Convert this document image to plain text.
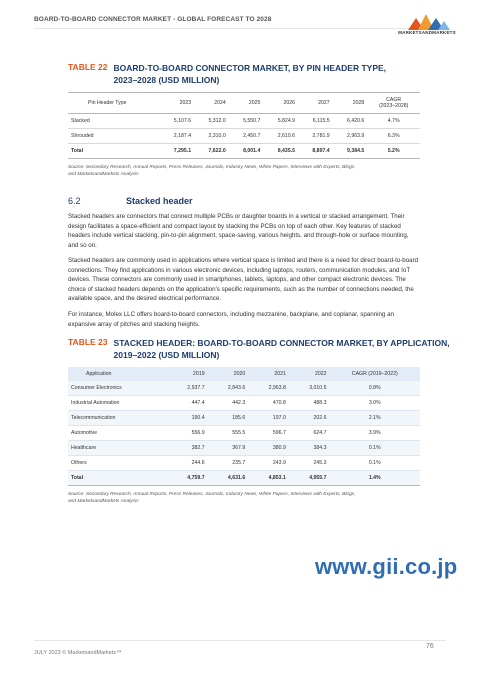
BOARD-TO-BOARD CONNECTOR MARKET - GLOBAL FORECAST TO 2028
MARKETSANDMARKETS
TABLE 22 BOARD-TO-BOARD CONNECTOR MARKET, BY PIN HEADER TYPE,
2023–2028 (USD MILLION)
Pin Header Type	2023	2024	2025	2026	2027	2028	CAGR
(2023–2028)

Stacked	5,107.6	5,312.0	5,550.7	5,824.9	6,115.5	6,420.6	4.7%
Shrouded	2,187.4	2,310.0	2,450.7	2,610.6	2,781.9	2,963.9	6.3%
Total	7,295.1	7,622.0	8,001.4	8,435.5	8,897.4	9,384.5	5.2%
Source: Secondary Research, Annual Reports, Press Releases, Journals, Industry News, White Papers, Interviews with Experts, Blogs,
and MarketsandMarkets Analysis
6.2	Stacked header
Stacked headers are connectors that connect multiple PCBs or daughter boards in a vertical or stacked arrangement. Their design facilitates a space-efficient and compact layout by stacking the PCBs on top of each other. Key features of stacked headers include vertical stacking, pin-to-pin alignment, space-saving, various heights, and through-hole or surface mounting, and so on.
Stacked headers are commonly used in applications where vertical space is limited and there is a need for direct board-to-board connections. They find applications in various electronic devices, including laptops, routers, communication modules, and IoT devices. These connectors are commonly used in smartphones, tablets, laptops, and other compact electronic devices. The choice of stacked headers depends on the application's specific requirements, such as the number of connections needed, the available space, and the desired electrical performance.
TABLE 23 STACKED HEADER: BOARD-TO-BOARD CONNECTOR MARKET, BY APPLICATION,
2019–2022 (USD MILLION)
Application	2019	2020	2021	2022	CAGR (2019–2022)
Consumer Electronics	2,937.7	2,843.6	2,963.8	3,010.5	0.8%
Industrial Automation	447.4	442.3	470.8	488.3	3.0%
Telecommunication	190.4	185.6	197.0	202.6	2.1%
Automotive	556.9	555.5	596.7	624.7	3.9%
Healthcare	382.7	367.9	380.9	384.3	0.1%
Others	244.6	235.7	243.9	245.3	0.1%
Total	4,759.7	4,631.6	4,853.1	4,955.7	1.4%
Source: Secondary Research, Annual Reports, Press Releases, Journals, Industry News, White Papers, Interviews with Experts, Blogs,
and MarketsandMarkets Analysis
www.gii.co.jp
JULY 2023 © MarketsandMarkets™
76
For instance, Molex LLC offers board-to-board connectors, including mezzanine, backplane, and coplanar, spanning an expansive array of pitches and stacking heights.
